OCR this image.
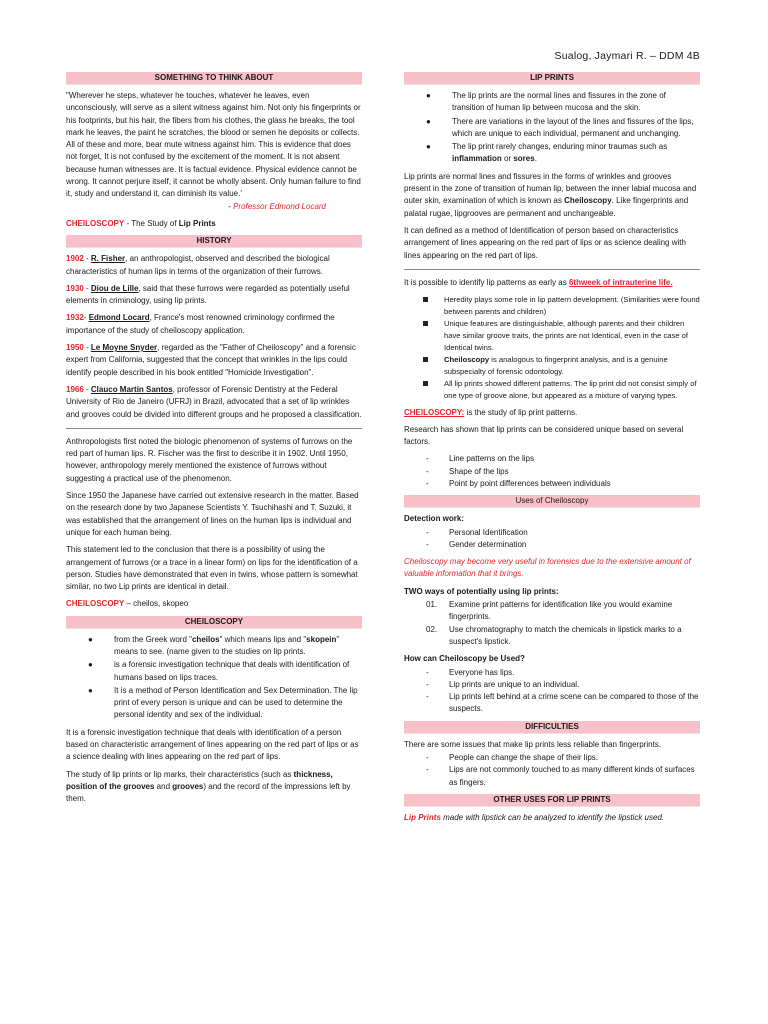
Sualog, Jaymari R. – DDM 4B
SOMETHING TO THINK ABOUT

"Wherever he steps, whatever he touches, whatever he leaves, even unconsciously, will serve as a silent witness against him. Not only his fingerprints or his footprints, but his hair, the fibers from his clothes, the glass he breaks, the tool mark he leaves, the paint he scratches, the blood or semen he deposits or collects. All of these and more, bear mute witness against him. This is evidence that does not forget, It is not confused by the excitement of the moment. It is not absent because human witnesses are. It is factual evidence. Physical evidence cannot be wrong. It cannot perjure itself, it cannot be wholly absent. Only human failure to find it, study and understand it, can diminish its value.'

- Professor Edmond Locard

CHEILOSCOPY - The Study of Lip Prints

HISTORY

1902 - R. Fisher, an anthropologist, observed and described the biological characteristics of human lips in terms of the organization of their furrows.

1930 - Diou de Lille, said that these furrows were regarded as potentially useful elements in criminology, using lip prints.

1932- Edmond Locard, France's most renowned criminology confirmed the importance of the study of cheiloscopy application.

1950 - Le Moyne Snyder, regarded as the "Father of Cheiloscopy" and a forensic expert from California, suggested that the concept that wrinkles in the lips could identify people described in his book entitled "Homicide Investigation".

1966 - Clauco Martin Santos, professor of Forensic Dentistry at the Federal University of Rio de Janeiro (UFRJ) in Brazil, advocated that a set of lip wrinkles and grooves could be divided into different groups and he proposed a classification.

Anthropologists first noted the biologic phenomenon of systems of furrows on the red part of human lips. R. Fischer was the first to describe it in 1902. Until 1950, however, anthropology merely mentioned the existence of furrows without suggesting a practical use of the phenomenon.

Since 1950 the Japanese have carried out extensive research in the matter. Based on the research done by two Japanese Scientists Y. Tsuchihashi and T. Suzuki, it was established that the arrangement of lines on the human lips is individual and unique for each human being.

This statement led to the conclusion that there is a possibility of using the arrangement of furrows (or a trace in a linear form) on lips for the identification of a person. Studies have demonstrated that even in twins, whose pattern is somewhat similar, no two Lip prints are identical in detail.

CHEILOSCOPY – cheilos, skopeo

CHEILOSCOPY
●	from the Greek word "cheilos" which means lips and "skopein" means to see. (name given to the studies on lip prints.
●	is a forensic investigation technique that deals with identification of humans based on lips traces.
●	It is a method of Person Identification and Sex Determination. The lip print of every person is unique and can be used to determine the personal identity and sex of the individual.

It is a forensic investigation technique that deals with identification of a person based on characteristic arrangement of lines appearing on the red part of lips or as a science dealing with lines appearing on the red part of lips.

The study of lip prints or lip marks, their characteristics (such as thickness, position of the grooves and grooves) and the record of the impressions left by them.

LIP PRINTS
●	The lip prints are the normal lines and fissures in the zone of transition of human lip between mucosa and the skin.
●	There are variations in the layout of the lines and fissures of the lips, which are unique to each individual, permanent and unchanging.
●	The lip print rarely changes, enduring minor traumas such as inflammation or sores.

Lip prints are normal lines and fissures in the forms of wrinkles and grooves present in the zone of transition of human lip, between the inner labial mucosa and outer skin, examination of which is known as Cheiloscopy. Like fingerprints and palatal rugae, lipgrooves are permanent and unchangeable.

It can defined as a method of Identification of person based on characteristics arrangement of lines appearing on the red part of lips or as science dealing with lines appearing on the red part of lips.

It is possible to identify lip patterns as early as 6thweek of intrauterine life.

Heredity plays some role in lip pattern development. (Similarities were found between parents and children)
Unique features are distinguishable, although parents and their children have similar groove traits, the prints are not Identical, even in the case of Identical twins.
Cheiloscopy is analogous to fingerprint analysis, and is a genuine subspecialty of forensic odontology.
All lip prints showed different patterns. The lip print did not consist simply of one type of groove alone, but appeared as a mixture of varying types.

CHEILOSCOPY: is the study of lip print patterns.

Research has shown that lip prints can be considered unique based on several factors.

-	Line patterns on the lips
-	Shape of the lips
-	Point by point differences between individuals
Uses of Cheiloscopy

Detection work:

-	Personal Identification
-	Gender determination

Cheiloscopy may become very useful in forensics due to the extensive amount of valuable information that it brings.

TWO ways of potentially using lip prints:

01. Examine print patterns for identification like you would examine fingerprints.
02. Use chromatography to match the chemicals in lipstick marks to a suspect's lipstick.

How can Cheiloscopy be Used?

-	Everyone has lips.
-	Lip prints are unique to an individual.
-	Lip prints left behind at a crime scene can be compared to those of the suspects.
DIFFICULTIES

There are some issues that make lip prints less reliable than fingerprints.

-	People can change the shape of their lips.
-	Lips are not commonly touched to as many different kinds of surfaces as fingers.
OTHER USES FOR LIP PRINTS

Lip Prints made with lipstick can be analyzed to identify the lipstick used.
